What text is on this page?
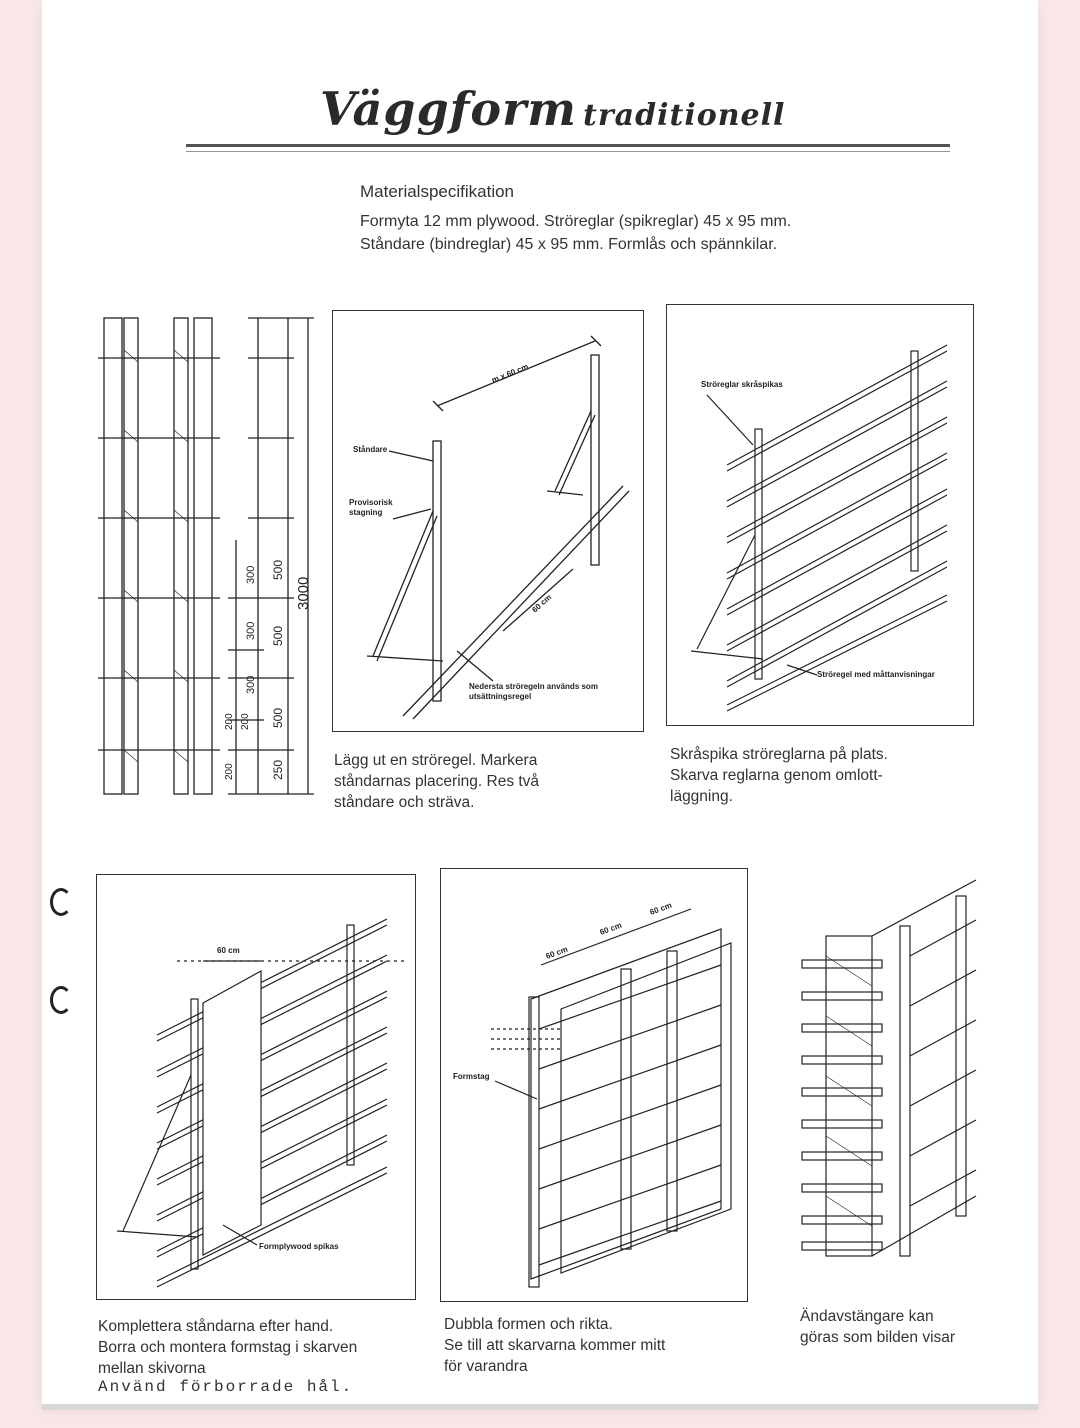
Väggform traditionell
Materialspecifikation
Formyta 12 mm plywood. Ströreglar (spikreglar) 45 x 95 mm.
Ståndare (bindreglar) 45 x 95 mm. Formlås och spännkilar.
3000
500
500
500
250
300
300
300
200 200
200
Ståndare
Provisorisk
stagning
m x 60 cm
60 cm
Nedersta ströregeln används som
utsättningsregel
Lägg ut en ströregel. Markera
ståndarnas placering. Res två
ståndare och sträva.
Ströreglar skråspikas
Ströregel med måttanvisningar
Skråspika ströreglarna på plats.
Skarva reglarna genom omlott-
läggning.
60 cm
Formplywood spikas
Komplettera ståndarna efter hand.
Borra och montera formstag i skarven
mellan skivorna
60 cm
60 cm
60 cm
Formstag
Dubbla formen och rikta.
Se till att skarvarna kommer mitt
för varandra
Ändavstängare kan
göras som bilden visar
Använd förborrade hål.
